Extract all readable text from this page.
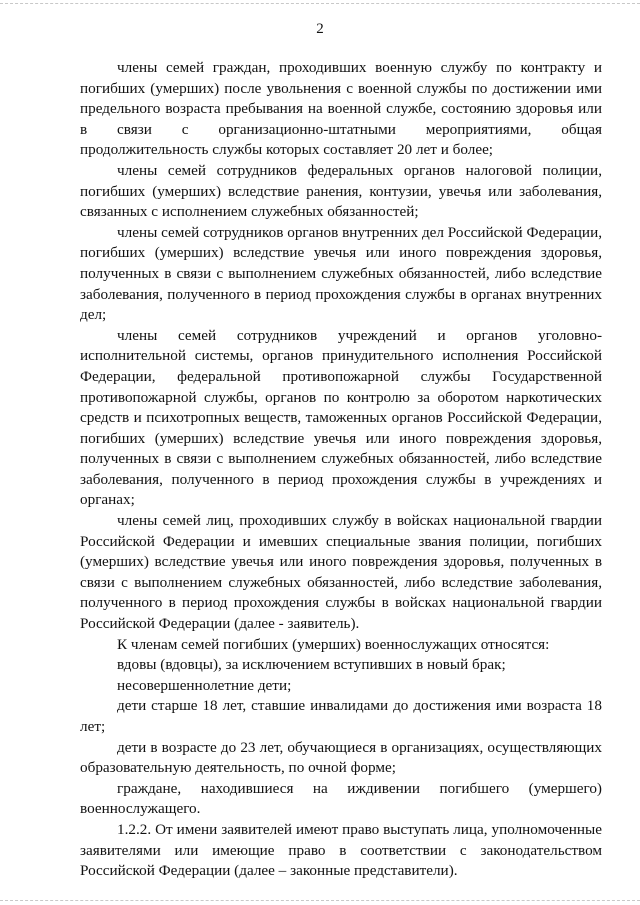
2

члены семей граждан, проходивших военную службу по контракту и погибших (умерших) после увольнения с военной службы по достижении ими предельного возраста пребывания на военной службе, состоянию здоровья или в связи с организационно-штатными мероприятиями, общая продолжительность службы которых составляет 20 лет и более;

члены семей сотрудников федеральных органов налоговой полиции, погибших (умерших) вследствие ранения, контузии, увечья или заболевания, связанных с исполнением служебных обязанностей;

члены семей сотрудников органов внутренних дел Российской Федерации, погибших (умерших) вследствие увечья или иного повреждения здоровья, полученных в связи с выполнением служебных обязанностей, либо вследствие заболевания, полученного в период прохождения службы в органах внутренних дел;

члены семей сотрудников учреждений и органов уголовно-исполнительной системы, органов принудительного исполнения Российской Федерации, федеральной противопожарной службы Государственной противопожарной службы, органов по контролю за оборотом наркотических средств и психотропных веществ, таможенных органов Российской Федерации, погибших (умерших) вследствие увечья или иного повреждения здоровья, полученных в связи с выполнением служебных обязанностей, либо вследствие заболевания, полученного в период прохождения службы в учреждениях и органах;

члены семей лиц, проходивших службу в войсках национальной гвардии Российской Федерации и имевших специальные звания полиции, погибших (умерших) вследствие увечья или иного повреждения здоровья, полученных в связи с выполнением служебных обязанностей, либо вследствие заболевания, полученного в период прохождения службы в войсках национальной гвардии Российской Федерации (далее - заявитель).

К членам семей погибших (умерших) военнослужащих относятся:

вдовы (вдовцы), за исключением вступивших в новый брак;

несовершеннолетние дети;

дети старше 18 лет, ставшие инвалидами до достижения ими возраста 18 лет;

дети в возрасте до 23 лет, обучающиеся в организациях, осуществляющих образовательную деятельность, по очной форме;

граждане, находившиеся на иждивении погибшего (умершего) военнослужащего.

1.2.2. От имени заявителей имеют право выступать лица, уполномоченные заявителями или имеющие право в соответствии с законодательством Российской Федерации (далее – законные представители).
